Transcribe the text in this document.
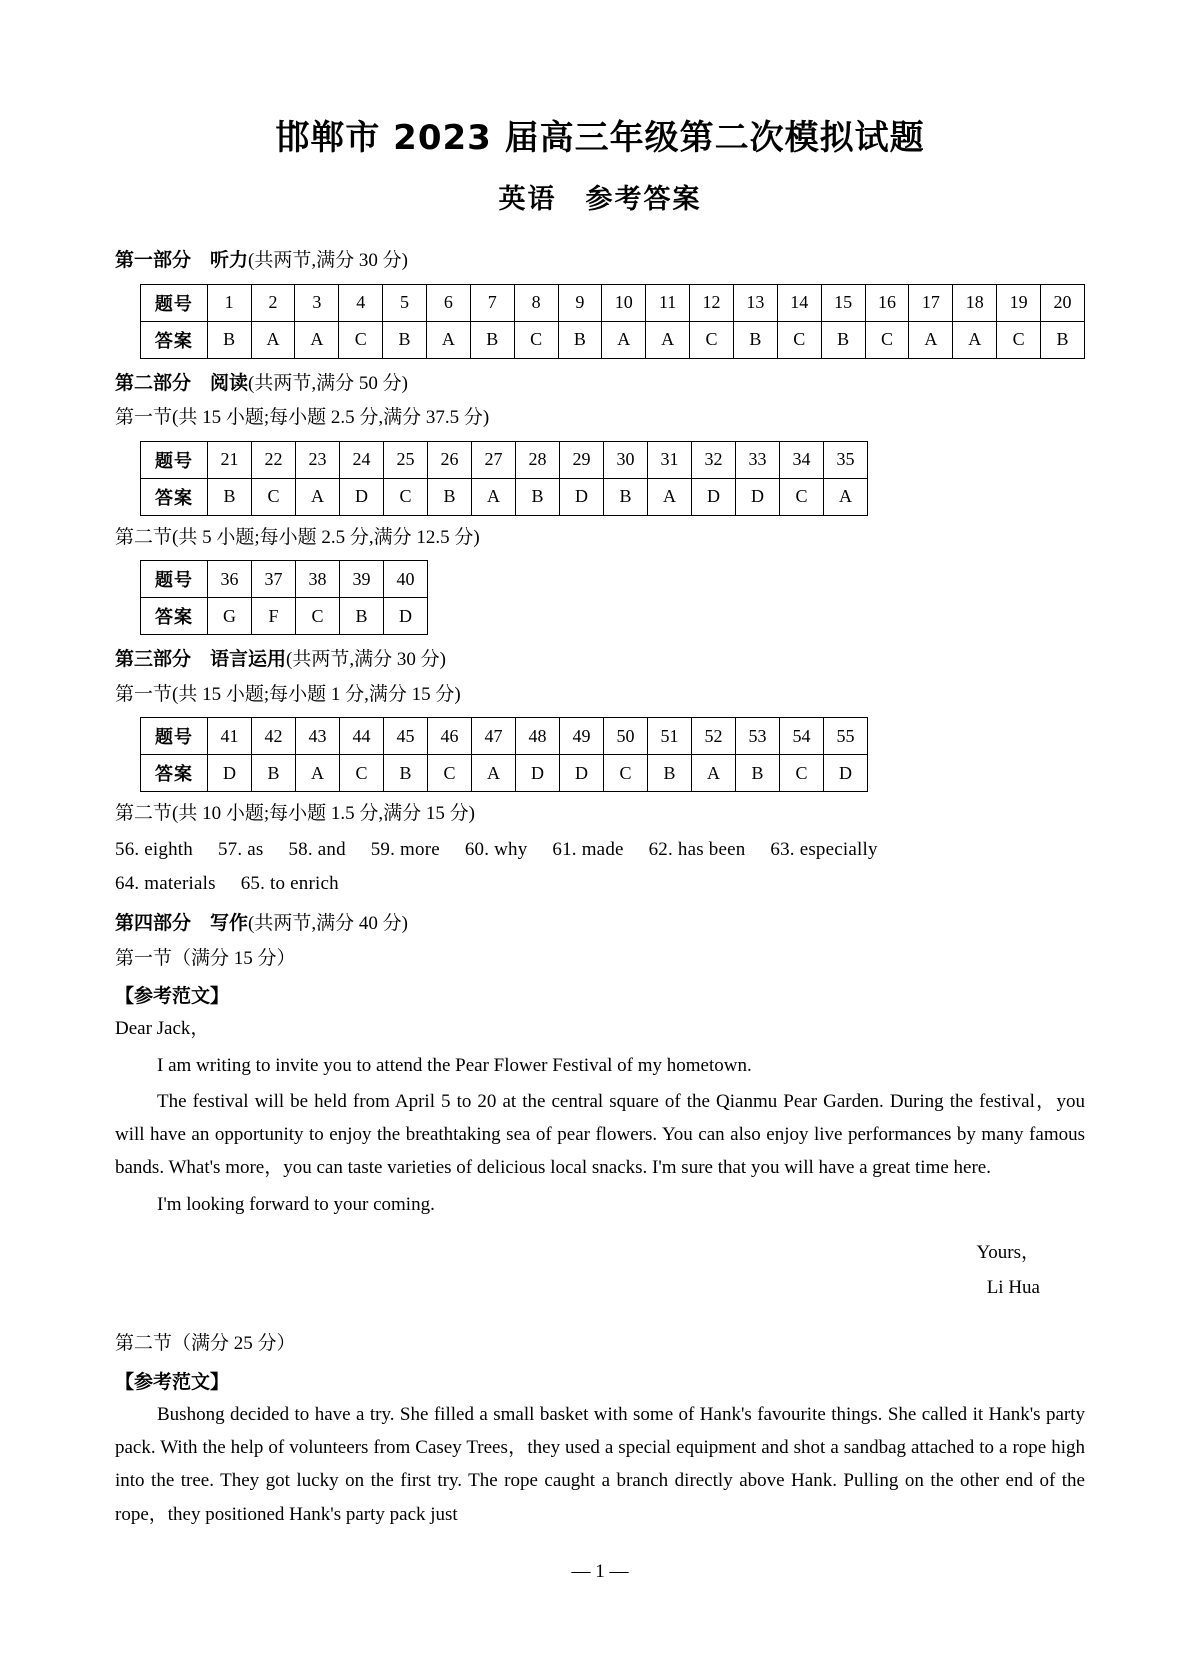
邯郸市 2023 届高三年级第二次模拟试题
英语　参考答案
第一部分　听力(共两节,满分 30 分)
题号	1	2	3	4	5	6	7	8	9	10	11	12	13	14	15	16	17	18	19	20
答案	B	A	A	C	B	A	B	C	B	A	A	C	B	C	B	C	A	A	C	B
第二部分　阅读(共两节,满分 50 分)
第一节(共 15 小题;每小题 2.5 分,满分 37.5 分)
题号	21	22	23	24	25	26	27	28	29	30	31	32	33	34	35
答案	B	C	A	D	C	B	A	B	D	B	A	D	D	C	A
第二节(共 5 小题;每小题 2.5 分,满分 12.5 分)
题号	36	37	38	39	40
答案	G	F	C	B	D
第三部分　语言运用(共两节,满分 30 分)
第一节(共 15 小题;每小题 1 分,满分 15 分)
题号	41	42	43	44	45	46	47	48	49	50	51	52	53	54	55
答案	D	B	A	C	B	C	A	D	D	C	B	A	B	C	D
第二节(共 10 小题;每小题 1.5 分,满分 15 分)
56. eighth 57. as 58. and 59. more 60. why 61. made 62. has been 63. especially
64. materials 65. to enrich
第四部分　写作(共两节,满分 40 分)
第一节（满分 15 分）
【参考范文】
Dear Jack，

I am writing to invite you to attend the Pear Flower Festival of my hometown.

The festival will be held from April 5 to 20 at the central square of the Qianmu Pear Garden. During the festival，you will have an opportunity to enjoy the breathtaking sea of pear flowers. You can also enjoy live performances by many famous bands. What's more，you can taste varieties of delicious local snacks. I'm sure that you will have a great time here.

I'm looking forward to your coming.

Yours，
Li Hua
第二节（满分 25 分）
【参考范文】

Bushong decided to have a try. She filled a small basket with some of Hank's favourite things. She called it Hank's party pack. With the help of volunteers from Casey Trees，they used a special equipment and shot a sandbag attached to a rope high into the tree. They got lucky on the first try. The rope caught a branch directly above Hank. Pulling on the other end of the rope，they positioned Hank's party pack just

— 1 —
